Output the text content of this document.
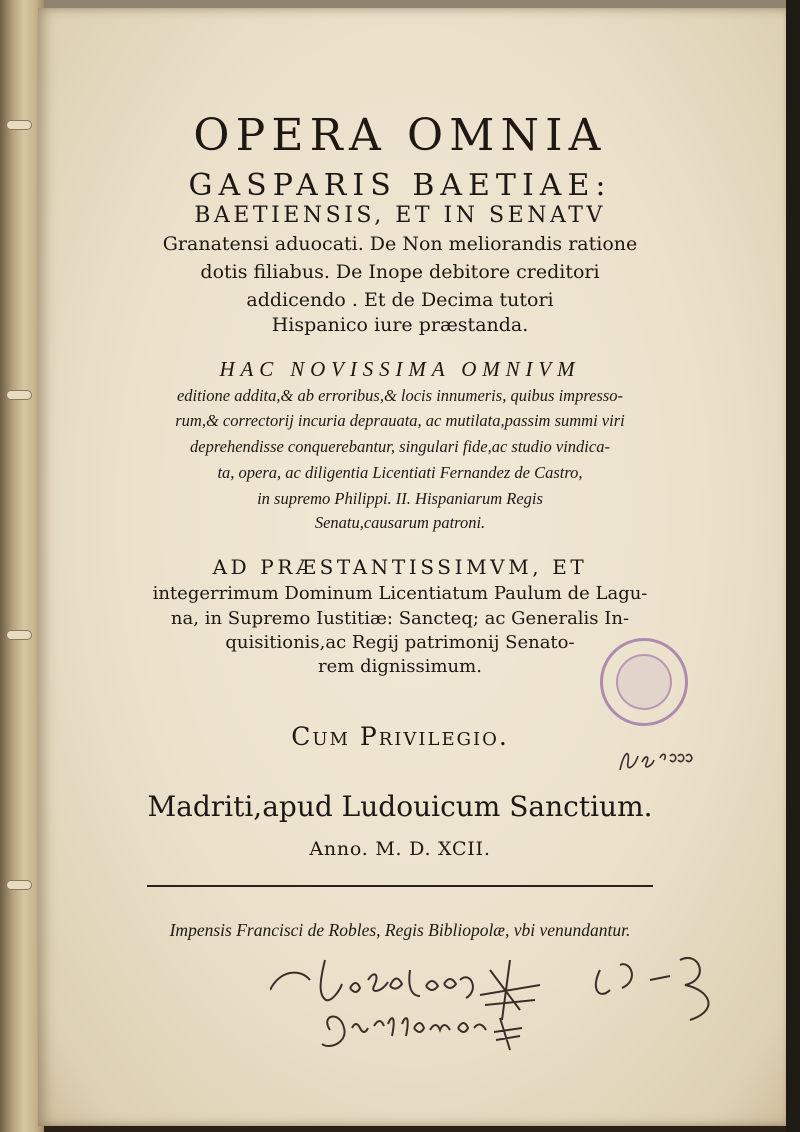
OPERA OMNIA
GASPARIS BAETIAE:
BAETIENSIS, ET IN SENATV
Granatensi aduocati. De Non meliorandis ratione
dotis filiabus. De Inope debitore creditori
addicendo . Et de Decima tutori
Hispanico iure præstanda.
HAC NOVISSIMA OMNIVM
editione addita,& ab erroribus,& locis innumeris, quibus impresso-
rum,& correctorij incuria deprauata, ac mutilata,passim summi viri
deprehendisse conquerebantur, singulari fide,ac studio vindica-
ta, opera, ac diligentia Licentiati Fernandez de Castro,
in supremo Philippi. II. Hispaniarum Regis
Senatu,causarum patroni.
AD PRÆSTANTISSIMVM, ET
integerrimum Dominum Licentiatum Paulum de Lagu-
na, in Supremo Iustitiæ: Sancteq; ac Generalis In-
quisitionis,ac Regij patrimonij Senato-
rem dignissimum.
Cum Privilegio.
Madriti,apud Ludouicum Sanctium.
Anno. M. D. XCII.
Impensis Francisci de Robles, Regis Bibliopolæ, vbi venundantur.
